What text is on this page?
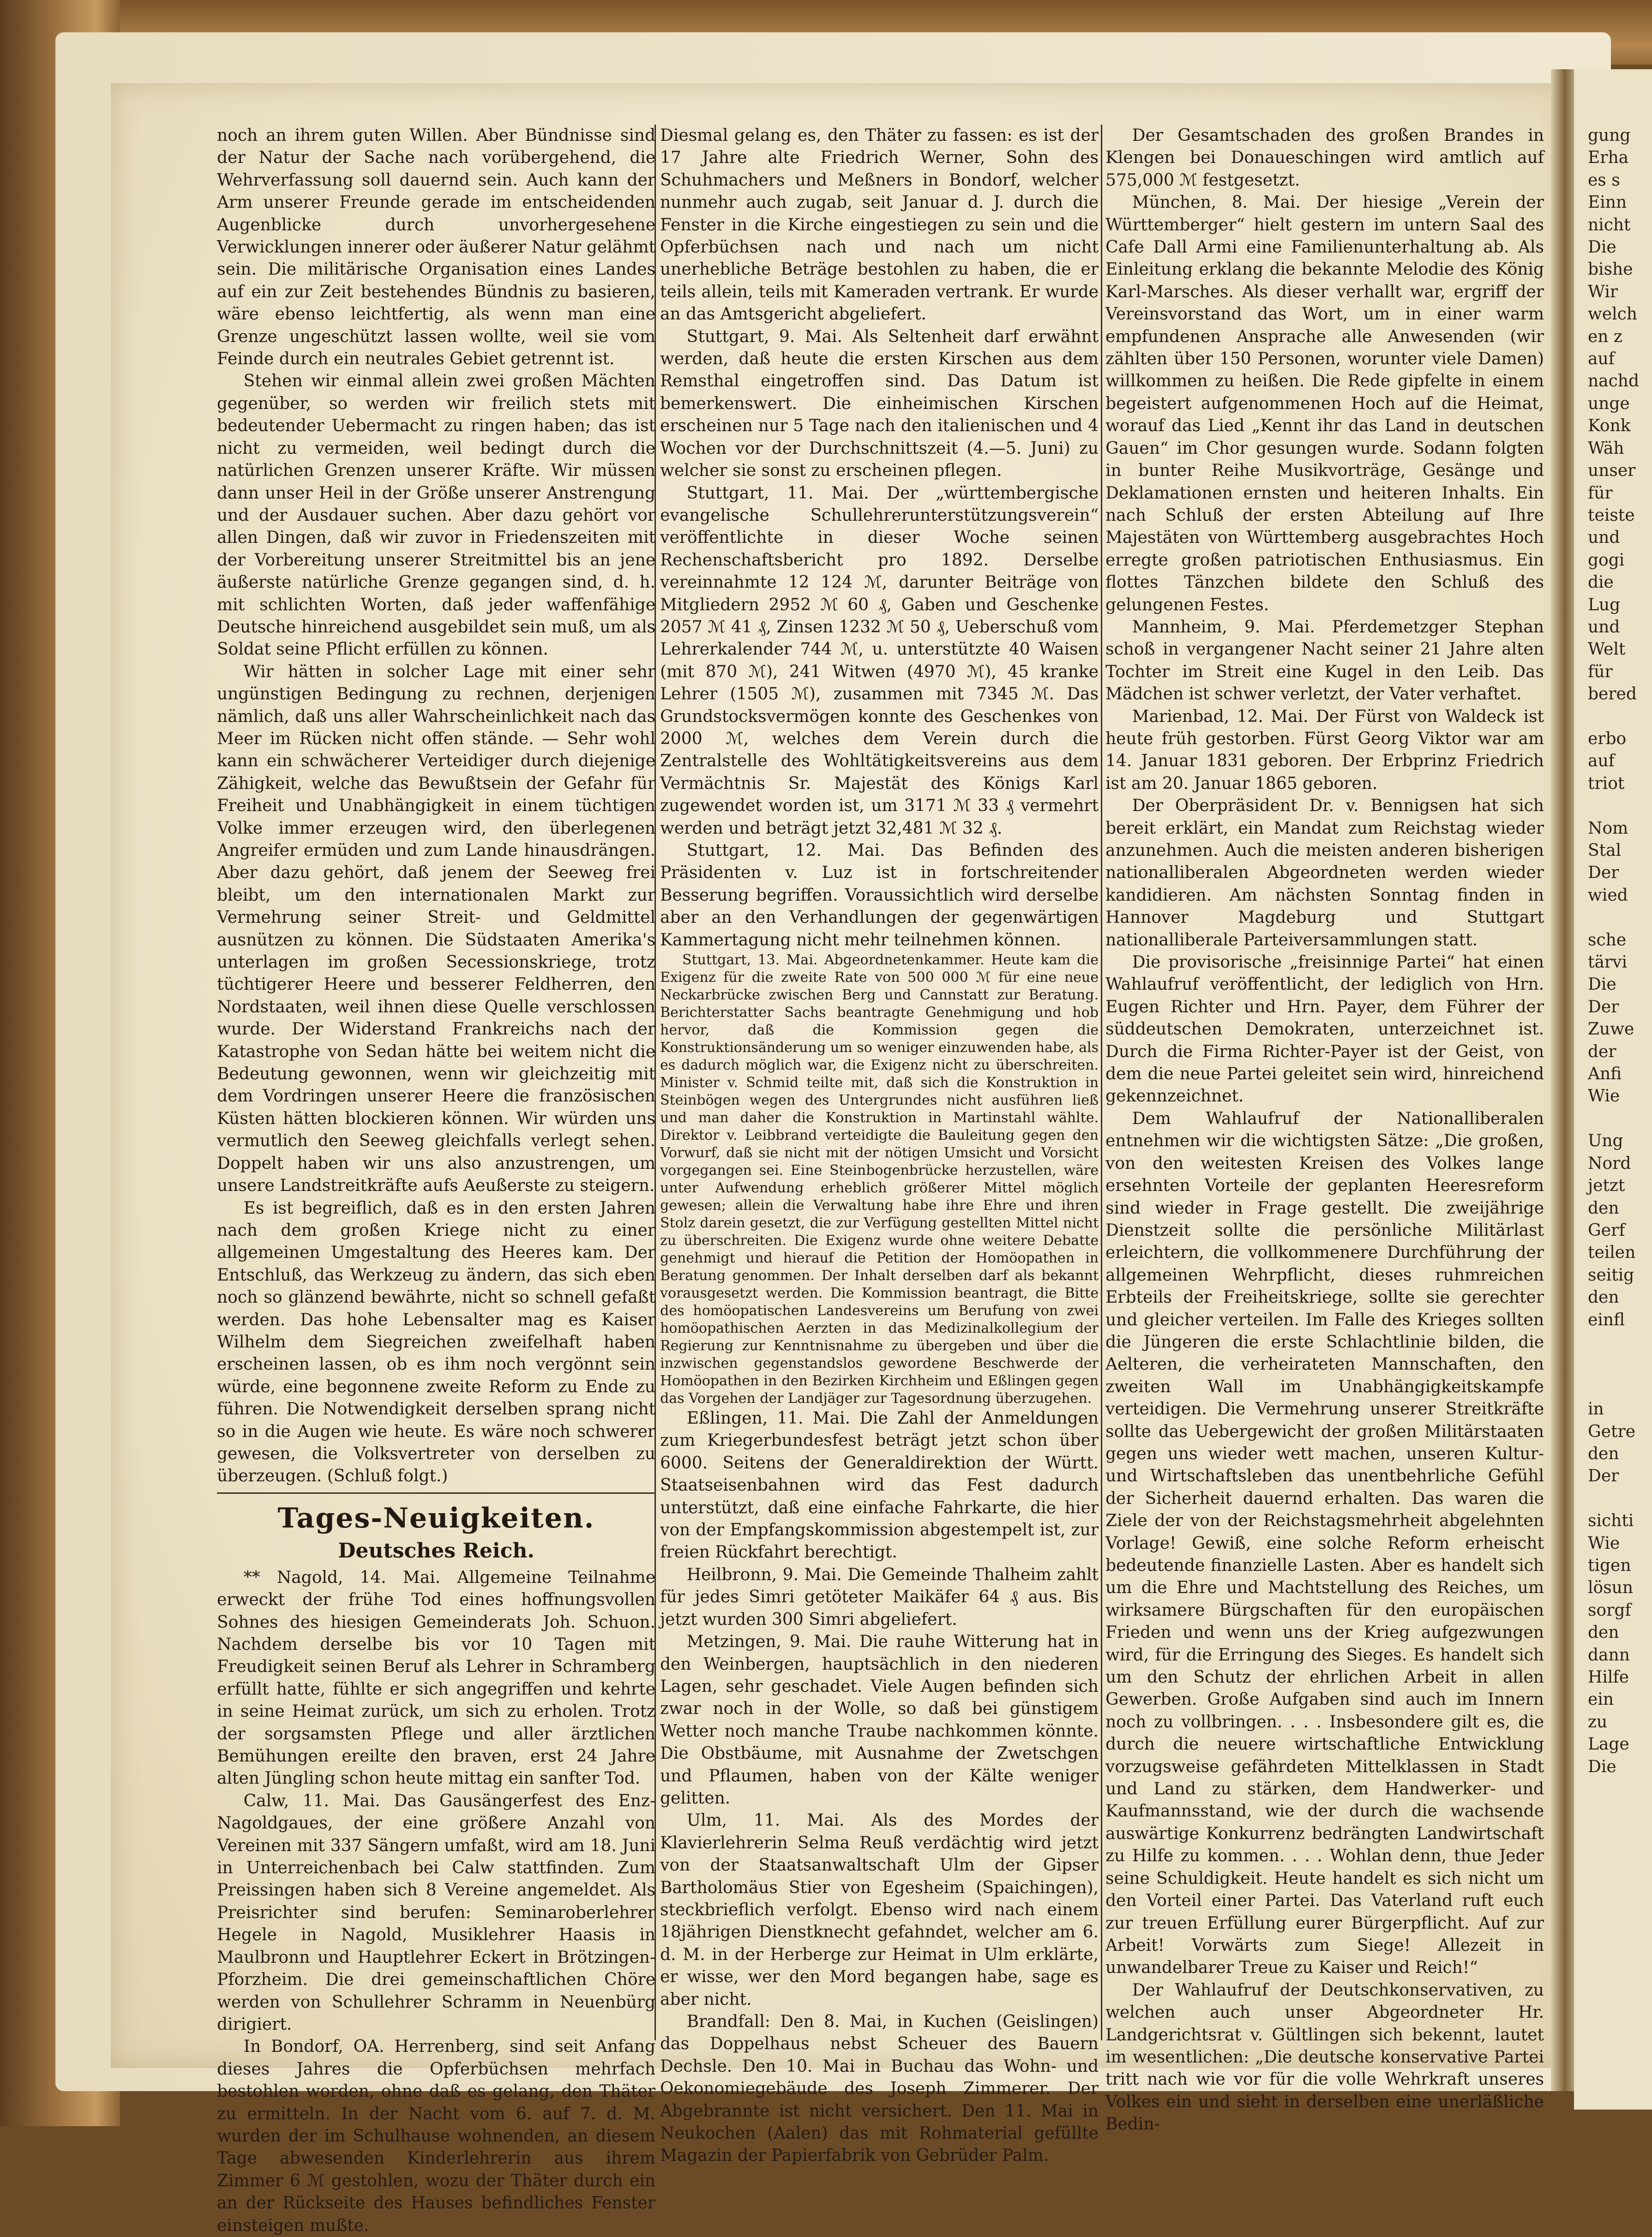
gung
Erha
es s
Einn
nicht
Die
bishe
Wir
welch
en z
auf
nachd
unge
Konk
Wäh
unser
für
teiste
und
gogi
die
Lug
und
Welt
für
bered

erbo
auf
triot

Nom
Stal
Der
wied

sche
tärvi
Die
Der
Zuwe
der
Anfi
Wie

Ung
Nord
jetzt
den
Gerf
teilen
seitig
den
einfl

in
Getre
den
Der

sichti
Wie
tigen
lösun
sorgf
den
dann
Hilfe
ein
zu
Lage
Die

noch an ihrem guten Willen. Aber Bündnisse sind der Natur der Sache nach vorübergehend, die Wehrverfassung soll dauernd sein. Auch kann der Arm unserer Freunde gerade im entscheidenden Augenblicke durch unvorhergesehene Verwicklungen innerer oder äußerer Natur gelähmt sein. Die militärische Organisation eines Landes auf ein zur Zeit bestehendes Bündnis zu basieren, wäre ebenso leichtfertig, als wenn man eine Grenze ungeschützt lassen wollte, weil sie vom Feinde durch ein neutrales Gebiet getrennt ist.

Stehen wir einmal allein zwei großen Mächten gegenüber, so werden wir freilich stets mit bedeutender Uebermacht zu ringen haben; das ist nicht zu vermeiden, weil bedingt durch die natürlichen Grenzen unserer Kräfte. Wir müssen dann unser Heil in der Größe unserer Anstrengung und der Ausdauer suchen. Aber dazu gehört vor allen Dingen, daß wir zuvor in Friedenszeiten mit der Vorbereitung unserer Streitmittel bis an jene äußerste natürliche Grenze gegangen sind, d. h. mit schlichten Worten, daß jeder waffenfähige Deutsche hinreichend ausgebildet sein muß, um als Soldat seine Pflicht erfüllen zu können.

Wir hätten in solcher Lage mit einer sehr ungünstigen Bedingung zu rechnen, derjenigen nämlich, daß uns aller Wahrscheinlichkeit nach das Meer im Rücken nicht offen stände. — Sehr wohl kann ein schwächerer Verteidiger durch diejenige Zähigkeit, welche das Bewußtsein der Gefahr für Freiheit und Unabhängigkeit in einem tüchtigen Volke immer erzeugen wird, den überlegenen Angreifer ermüden und zum Lande hinausdrängen. Aber dazu gehört, daß jenem der Seeweg frei bleibt, um den internationalen Markt zur Vermehrung seiner Streit- und Geldmittel ausnützen zu können. Die Südstaaten Amerika's unterlagen im großen Secessionskriege, trotz tüchtigerer Heere und besserer Feldherren, den Nordstaaten, weil ihnen diese Quelle verschlossen wurde. Der Widerstand Frankreichs nach der Katastrophe von Sedan hätte bei weitem nicht die Bedeutung gewonnen, wenn wir gleichzeitig mit dem Vordringen unserer Heere die französischen Küsten hätten blockieren können. Wir würden uns vermutlich den Seeweg gleichfalls verlegt sehen. Doppelt haben wir uns also anzustrengen, um unsere Landstreitkräfte aufs Aeußerste zu steigern.

Es ist begreiflich, daß es in den ersten Jahren nach dem großen Kriege nicht zu einer allgemeinen Umgestaltung des Heeres kam. Der Entschluß, das Werkzeug zu ändern, das sich eben noch so glänzend bewährte, nicht so schnell gefaßt werden. Das hohe Lebensalter mag es Kaiser Wilhelm dem Siegreichen zweifelhaft haben erscheinen lassen, ob es ihm noch vergönnt sein würde, eine begonnene zweite Reform zu Ende zu führen. Die Notwendigkeit derselben sprang nicht so in die Augen wie heute. Es wäre noch schwerer gewesen, die Volksvertreter von derselben zu überzeugen. (Schluß folgt.)

Tages-Neuigkeiten.
Deutsches Reich.

** Nagold, 14. Mai. Allgemeine Teilnahme erweckt der frühe Tod eines hoffnungsvollen Sohnes des hiesigen Gemeinderats Joh. Schuon. Nachdem derselbe bis vor 10 Tagen mit Freudigkeit seinen Beruf als Lehrer in Schramberg erfüllt hatte, fühlte er sich angegriffen und kehrte in seine Heimat zurück, um sich zu erholen. Trotz der sorgsamsten Pflege und aller ärztlichen Bemühungen ereilte den braven, erst 24 Jahre alten Jüngling schon heute mittag ein sanfter Tod.

Calw, 11. Mai. Das Gausängerfest des Enz-Nagoldgaues, der eine größere Anzahl von Vereinen mit 337 Sängern umfaßt, wird am 18. Juni in Unterreichenbach bei Calw stattfinden. Zum Preissingen haben sich 8 Vereine angemeldet. Als Preisrichter sind berufen: Seminaroberlehrer Hegele in Nagold, Musiklehrer Haasis in Maulbronn und Hauptlehrer Eckert in Brötzingen-Pforzheim. Die drei gemeinschaftlichen Chöre werden von Schullehrer Schramm in Neuenbürg dirigiert.

In Bondorf, OA. Herrenberg, sind seit Anfang dieses Jahres die Opferbüchsen mehrfach bestohlen worden, ohne daß es gelang, den Thäter zu ermitteln. In der Nacht vom 6. auf 7. d. M. wurden der im Schulhause wohnenden, an diesem Tage abwesenden Kinderlehrerin aus ihrem Zimmer 6 ℳ gestohlen, wozu der Thäter durch ein an der Rückseite des Hauses befindliches Fenster einsteigen mußte.

Diesmal gelang es, den Thäter zu fassen: es ist der 17 Jahre alte Friedrich Werner, Sohn des Schuhmachers und Meßners in Bondorf, welcher nunmehr auch zugab, seit Januar d. J. durch die Fenster in die Kirche eingestiegen zu sein und die Opferbüchsen nach und nach um nicht unerhebliche Beträge bestohlen zu haben, die er teils allein, teils mit Kameraden vertrank. Er wurde an das Amtsgericht abgeliefert.

Stuttgart, 9. Mai. Als Seltenheit darf erwähnt werden, daß heute die ersten Kirschen aus dem Remsthal eingetroffen sind. Das Datum ist bemerkenswert. Die einheimischen Kirschen erscheinen nur 5 Tage nach den italienischen und 4 Wochen vor der Durchschnittszeit (4.—5. Juni) zu welcher sie sonst zu erscheinen pflegen.

Stuttgart, 11. Mai. Der „württembergische evangelische Schullehrerunterstützungsverein“ veröffentlichte in dieser Woche seinen Rechenschaftsbericht pro 1892. Derselbe vereinnahmte 12 124 ℳ, darunter Beiträge von Mitgliedern 2952 ℳ 60 ₰, Gaben und Geschenke 2057 ℳ 41 ₰, Zinsen 1232 ℳ 50 ₰, Ueberschuß vom Lehrerkalender 744 ℳ, u. unterstützte 40 Waisen (mit 870 ℳ), 241 Witwen (4970 ℳ), 45 kranke Lehrer (1505 ℳ), zusammen mit 7345 ℳ. Das Grundstocksvermögen konnte des Geschenkes von 2000 ℳ, welches dem Verein durch die Zentralstelle des Wohltätigkeitsvereins aus dem Vermächtnis Sr. Majestät des Königs Karl zugewendet worden ist, um 3171 ℳ 33 ₰ vermehrt werden und beträgt jetzt 32,481 ℳ 32 ₰.

Stuttgart, 12. Mai. Das Befinden des Präsidenten v. Luz ist in fortschreitender Besserung begriffen. Voraussichtlich wird derselbe aber an den Verhandlungen der gegenwärtigen Kammertagung nicht mehr teilnehmen können.

Stuttgart, 13. Mai. Abgeordnetenkammer. Heute kam die Exigenz für die zweite Rate von 500 000 ℳ für eine neue Neckarbrücke zwischen Berg und Cannstatt zur Beratung. Berichterstatter Sachs beantragte Genehmigung und hob hervor, daß die Kommission gegen die Konstruktionsänderung um so weniger einzuwenden habe, als es dadurch möglich war, die Exigenz nicht zu überschreiten. Minister v. Schmid teilte mit, daß sich die Konstruktion in Steinbögen wegen des Untergrundes nicht ausführen ließ und man daher die Konstruktion in Martinstahl wählte. Direktor v. Leibbrand verteidigte die Bauleitung gegen den Vorwurf, daß sie nicht mit der nötigen Umsicht und Vorsicht vorgegangen sei. Eine Steinbogenbrücke herzustellen, wäre unter Aufwendung erheblich größerer Mittel möglich gewesen; allein die Verwaltung habe ihre Ehre und ihren Stolz darein gesetzt, die zur Verfügung gestellten Mittel nicht zu überschreiten. Die Exigenz wurde ohne weitere Debatte genehmigt und hierauf die Petition der Homöopathen in Beratung genommen. Der Inhalt derselben darf als bekannt vorausgesetzt werden. Die Kommission beantragt, die Bitte des homöopatischen Landesvereins um Berufung von zwei homöopathischen Aerzten in das Medizinalkollegium der Regierung zur Kenntnisnahme zu übergeben und über die inzwischen gegenstandslos gewordene Beschwerde der Homöopathen in den Bezirken Kirchheim und Eßlingen gegen das Vorgehen der Landjäger zur Tagesordnung überzugehen.

Eßlingen, 11. Mai. Die Zahl der Anmeldungen zum Kriegerbundesfest beträgt jetzt schon über 6000. Seitens der Generaldirektion der Württ. Staatseisenbahnen wird das Fest dadurch unterstützt, daß eine einfache Fahrkarte, die hier von der Empfangskommission abgestempelt ist, zur freien Rückfahrt berechtigt.

Heilbronn, 9. Mai. Die Gemeinde Thalheim zahlt für jedes Simri getöteter Maikäfer 64 ₰ aus. Bis jetzt wurden 300 Simri abgeliefert.

Metzingen, 9. Mai. Die rauhe Witterung hat in den Weinbergen, hauptsächlich in den niederen Lagen, sehr geschadet. Viele Augen befinden sich zwar noch in der Wolle, so daß bei günstigem Wetter noch manche Traube nachkommen könnte. Die Obstbäume, mit Ausnahme der Zwetschgen und Pflaumen, haben von der Kälte weniger gelitten.

Ulm, 11. Mai. Als des Mordes der Klavierlehrerin Selma Reuß verdächtig wird jetzt von der Staatsanwaltschaft Ulm der Gipser Bartholomäus Stier von Egesheim (Spaichingen), steckbrieflich verfolgt. Ebenso wird nach einem 18jährigen Dienstknecht gefahndet, welcher am 6. d. M. in der Herberge zur Heimat in Ulm erklärte, er wisse, wer den Mord begangen habe, sage es aber nicht.

Brandfall: Den 8. Mai, in Kuchen (Geislingen) das Doppelhaus nebst Scheuer des Bauern Dechsle. Den 10. Mai in Buchau das Wohn- und Oekonomiegebäude des Joseph Zimmerer. Der Abgebrannte ist nicht versichert. Den 11. Mai in Neukochen (Aalen) das mit Rohmaterial gefüllte Magazin der Papierfabrik von Gebrüder Palm.

Der Gesamtschaden des großen Brandes in Klengen bei Donaueschingen wird amtlich auf 575,000 ℳ festgesetzt.

München, 8. Mai. Der hiesige „Verein der Württemberger“ hielt gestern im untern Saal des Cafe Dall Armi eine Familienunterhaltung ab. Als Einleitung erklang die bekannte Melodie des König Karl-Marsches. Als dieser verhallt war, ergriff der Vereinsvorstand das Wort, um in einer warm empfundenen Ansprache alle Anwesenden (wir zählten über 150 Personen, worunter viele Damen) willkommen zu heißen. Die Rede gipfelte in einem begeistert aufgenommenen Hoch auf die Heimat, worauf das Lied „Kennt ihr das Land in deutschen Gauen“ im Chor gesungen wurde. Sodann folgten in bunter Reihe Musikvorträge, Gesänge und Deklamationen ernsten und heiteren Inhalts. Ein nach Schluß der ersten Abteilung auf Ihre Majestäten von Württemberg ausgebrachtes Hoch erregte großen patriotischen Enthusiasmus. Ein flottes Tänzchen bildete den Schluß des gelungenen Festes.

Mannheim, 9. Mai. Pferdemetzger Stephan schoß in vergangener Nacht seiner 21 Jahre alten Tochter im Streit eine Kugel in den Leib. Das Mädchen ist schwer verletzt, der Vater verhaftet.

Marienbad, 12. Mai. Der Fürst von Waldeck ist heute früh gestorben. Fürst Georg Viktor war am 14. Januar 1831 geboren. Der Erbprinz Friedrich ist am 20. Januar 1865 geboren.

Der Oberpräsident Dr. v. Bennigsen hat sich bereit erklärt, ein Mandat zum Reichstag wieder anzunehmen. Auch die meisten anderen bisherigen nationalliberalen Abgeordneten werden wieder kandidieren. Am nächsten Sonntag finden in Hannover Magdeburg und Stuttgart nationalliberale Parteiversammlungen statt.

Die provisorische „freisinnige Partei“ hat einen Wahlaufruf veröffentlicht, der lediglich von Hrn. Eugen Richter und Hrn. Payer, dem Führer der süddeutschen Demokraten, unterzeichnet ist. Durch die Firma Richter-Payer ist der Geist, von dem die neue Partei geleitet sein wird, hinreichend gekennzeichnet.

Dem Wahlaufruf der Nationalliberalen entnehmen wir die wichtigsten Sätze: „Die großen, von den weitesten Kreisen des Volkes lange ersehnten Vorteile der geplanten Heeresreform sind wieder in Frage gestellt. Die zweijährige Dienstzeit sollte die persönliche Militärlast erleichtern, die vollkommenere Durchführung der allgemeinen Wehrpflicht, dieses ruhmreichen Erbteils der Freiheitskriege, sollte sie gerechter und gleicher verteilen. Im Falle des Krieges sollten die Jüngeren die erste Schlachtlinie bilden, die Aelteren, die verheirateten Mannschaften, den zweiten Wall im Unabhängigkeitskampfe verteidigen. Die Vermehrung unserer Streitkräfte sollte das Uebergewicht der großen Militärstaaten gegen uns wieder wett machen, unseren Kultur- und Wirtschaftsleben das unentbehrliche Gefühl der Sicherheit dauernd erhalten. Das waren die Ziele der von der Reichstagsmehrheit abgelehnten Vorlage! Gewiß, eine solche Reform erheischt bedeutende finanzielle Lasten. Aber es handelt sich um die Ehre und Machtstellung des Reiches, um wirksamere Bürgschaften für den europäischen Frieden und wenn uns der Krieg aufgezwungen wird, für die Erringung des Sieges. Es handelt sich um den Schutz der ehrlichen Arbeit in allen Gewerben. Große Aufgaben sind auch im Innern noch zu vollbringen. . . . Insbesondere gilt es, die durch die neuere wirtschaftliche Entwicklung vorzugsweise gefährdeten Mittelklassen in Stadt und Land zu stärken, dem Handwerker- und Kaufmannsstand, wie der durch die wachsende auswärtige Konkurrenz bedrängten Landwirtschaft zu Hilfe zu kommen. . . . Wohlan denn, thue Jeder seine Schuldigkeit. Heute handelt es sich nicht um den Vorteil einer Partei. Das Vaterland ruft euch zur treuen Erfüllung eurer Bürgerpflicht. Auf zur Arbeit! Vorwärts zum Siege! Allezeit in unwandelbarer Treue zu Kaiser und Reich!“

Der Wahlaufruf der Deutschkonservativen, zu welchen auch unser Abgeordneter Hr. Landgerichtsrat v. Gültlingen sich bekennt, lautet im wesentlichen: „Die deutsche konservative Partei tritt nach wie vor für die volle Wehrkraft unseres Volkes ein und sieht in derselben eine unerläßliche Bedin-
